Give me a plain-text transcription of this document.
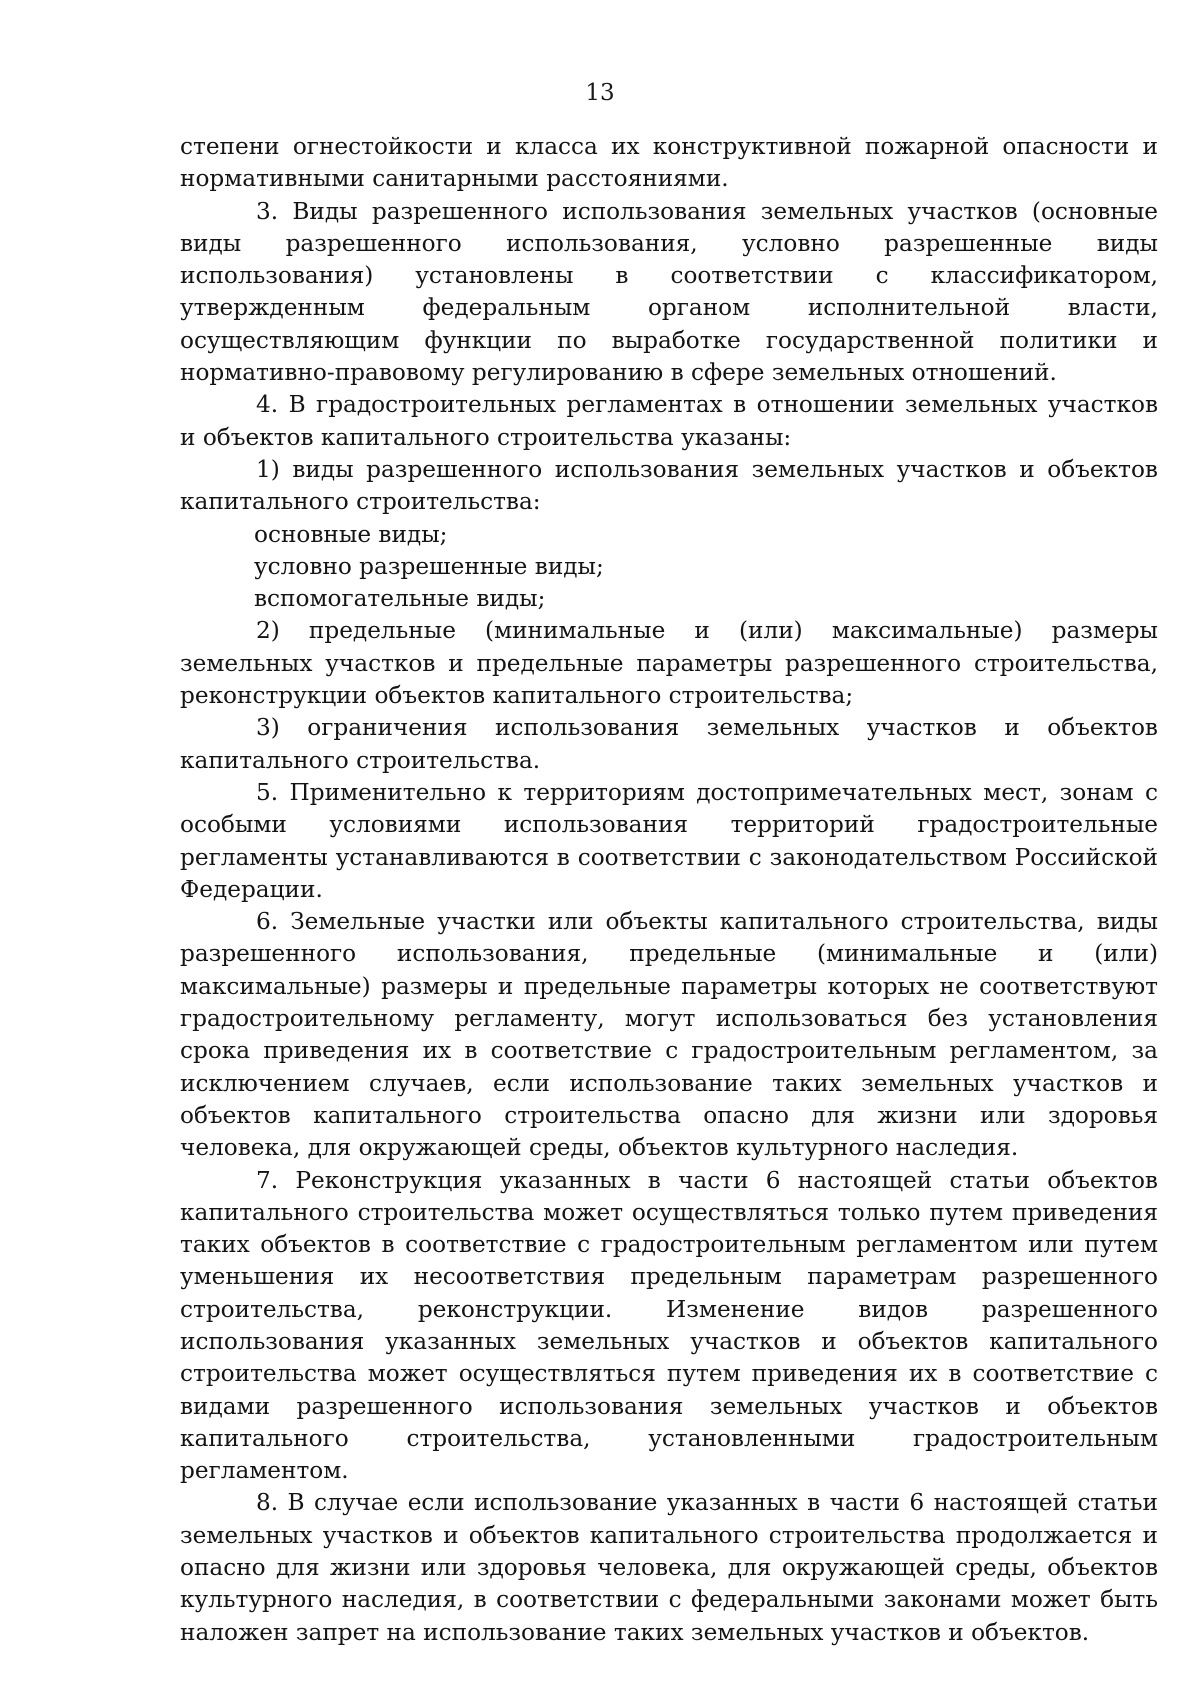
13

степени огнестойкости и класса их конструктивной пожарной опасности и нормативными санитарными расстояниями.

3. Виды разрешенного использования земельных участков (основные виды разрешенного использования, условно разрешенные виды использования) установлены в соответствии с классификатором, утвержденным федеральным органом исполнительной власти, осуществляющим функции по выработке государственной политики и нормативно-правовому регулированию в сфере земельных отношений.

4. В градостроительных регламентах в отношении земельных участков и объектов капитального строительства указаны:

1) виды разрешенного использования земельных участков и объектов капитального строительства:

основные виды;

условно разрешенные виды;

вспомогательные виды;

2) предельные (минимальные и (или) максимальные) размеры земельных участков и предельные параметры разрешенного строительства, реконструкции объектов капитального строительства;

3) ограничения использования земельных участков и объектов капитального строительства.

5. Применительно к территориям достопримечательных мест, зонам с особыми условиями использования территорий градостроительные регламенты устанавливаются в соответствии с законодательством Российской Федерации.

6. Земельные участки или объекты капитального строительства, виды разрешенного использования, предельные (минимальные и (или) максимальные) размеры и предельные параметры которых не соответствуют градостроительному регламенту, могут использоваться без установления срока приведения их в соответствие с градостроительным регламентом, за исключением случаев, если использование таких земельных участков и объектов капитального строительства опасно для жизни или здоровья человека, для окружающей среды, объектов культурного наследия.

7. Реконструкция указанных в части 6 настоящей статьи объектов капитального строительства может осуществляться только путем приведения таких объектов в соответствие с градостроительным регламентом или путем уменьшения их несоответствия предельным параметрам разрешенного строительства, реконструкции. Изменение видов разрешенного использования указанных земельных участков и объектов капитального строительства может осуществляться путем приведения их в соответствие с видами разрешенного использования земельных участков и объектов капитального строительства, установленными градостроительным регламентом.

8. В случае если использование указанных в части 6 настоящей статьи земельных участков и объектов капитального строительства продолжается и опасно для жизни или здоровья человека, для окружающей среды, объектов культурного наследия, в соответствии с федеральными законами может быть наложен запрет на использование таких земельных участков и объектов.
